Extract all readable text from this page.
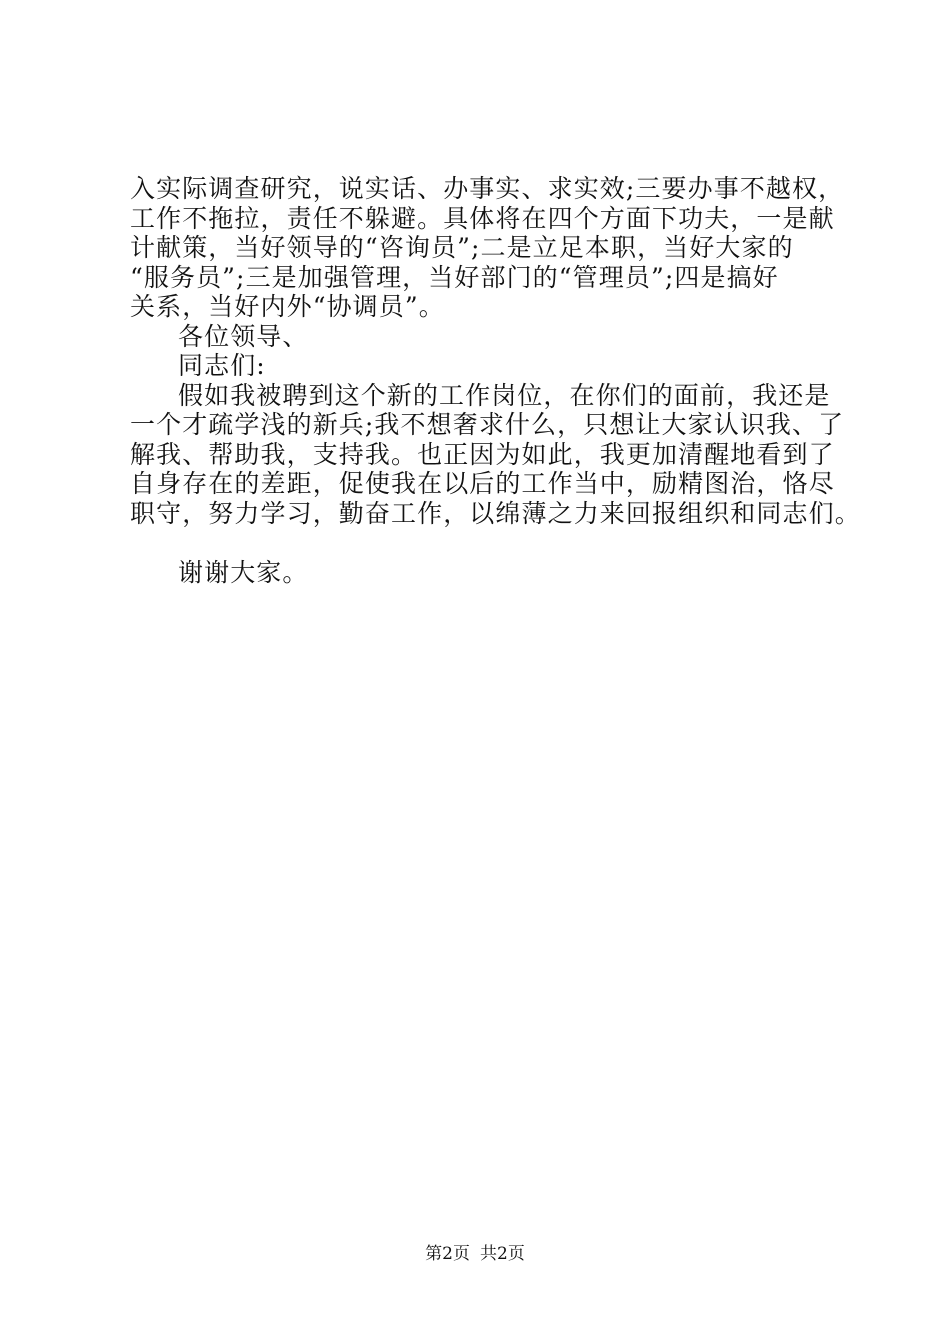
入实际调查研究，说实话、办事实、求实效;三要办事不越权，
工作不拖拉，责任不躲避。具体将在四个方面下功夫，一是献
计献策，当好领导的“咨询员”;二是立足本职，当好大家的
“服务员”;三是加强管理，当好部门的“管理员”;四是搞好
关系，当好内外“协调员”。
各位领导、
同志们:
假如我被聘到这个新的工作岗位，在你们的面前，我还是
一个才疏学浅的新兵;我不想奢求什么，只想让大家认识我、了
解我、帮助我，支持我。也正因为如此，我更加清醒地看到了
自身存在的差距，促使我在以后的工作当中，励精图治，恪尽
职守，努力学习，勤奋工作，以绵薄之力来回报组织和同志们。
谢谢大家。
第2页 共2页
